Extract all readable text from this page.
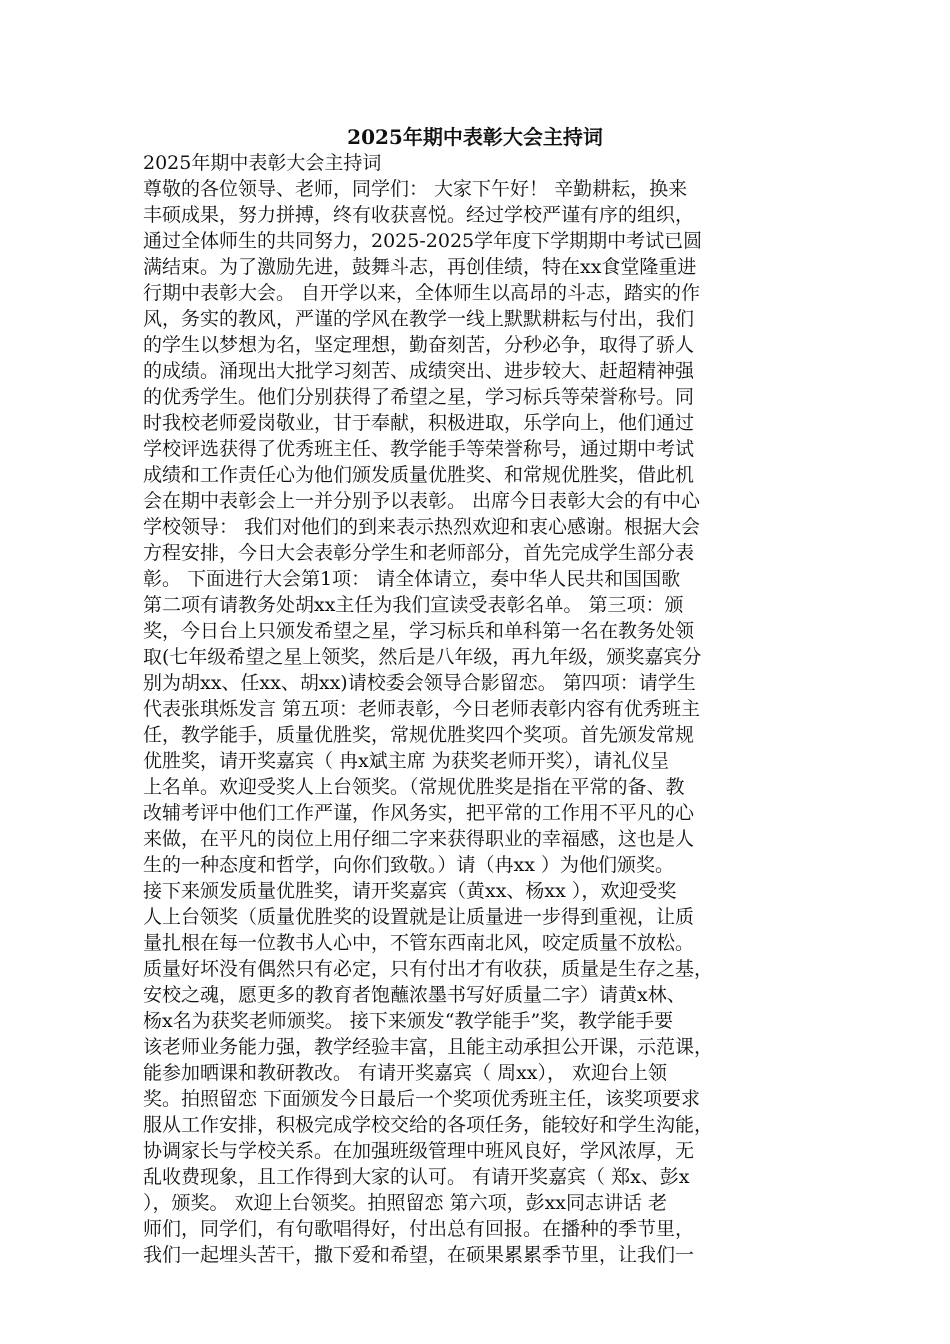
2025年期中表彰大会主持词
2025年期中表彰大会主持词
尊敬的各位领导、老师，同学们： 大家下午好！ 辛勤耕耘，换来
丰硕成果，努力拼搏，终有收获喜悦。经过学校严谨有序的组织，
通过全体师生的共同努力，2025-2025学年度下学期期中考试已圆
满结束。为了激励先进，鼓舞斗志，再创佳绩，特在xx食堂隆重进
行期中表彰大会。 自开学以来，全体师生以高昂的斗志，踏实的作
风，务实的教风，严谨的学风在教学一线上默默耕耘与付出，我们
的学生以梦想为名，坚定理想，勤奋刻苦，分秒必争，取得了骄人
的成绩。涌现出大批学习刻苦、成绩突出、进步较大、赶超精神强
的优秀学生。他们分别获得了希望之星，学习标兵等荣誉称号。同
时我校老师爱岗敬业，甘于奉献，积极进取，乐学向上，他们通过
学校评选获得了优秀班主任、教学能手等荣誉称号，通过期中考试
成绩和工作责任心为他们颁发质量优胜奖、和常规优胜奖，借此机
会在期中表彰会上一并分别予以表彰。 出席今日表彰大会的有中心
学校领导： 我们对他们的到来表示热烈欢迎和衷心感谢。根据大会
方程安排，今日大会表彰分学生和老师部分，首先完成学生部分表
彰。 下面进行大会第1项： 请全体请立，奏中华人民共和国国歌
第二项有请教务处胡xx主任为我们宣读受表彰名单。 第三项：颁
奖，今日台上只颁发希望之星，学习标兵和单科第一名在教务处领
取(七年级希望之星上领奖，然后是八年级，再九年级，颁奖嘉宾分
别为胡xx、任xx、胡xx)请校委会领导合影留恋。 第四项：请学生
代表张琪烁发言 第五项：老师表彰，今日老师表彰内容有优秀班主
任，教学能手，质量优胜奖，常规优胜奖四个奖项。首先颁发常规
优胜奖，请开奖嘉宾（ 冉x斌主席 为获奖老师开奖），请礼仪呈
上名单。欢迎受奖人上台领奖。（常规优胜奖是指在平常的备、教
改辅考评中他们工作严谨，作风务实，把平常的工作用不平凡的心
来做，在平凡的岗位上用仔细二字来获得职业的幸福感，这也是人
生的一种态度和哲学，向你们致敬。）请（冉xx ）为他们颁奖。
接下来颁发质量优胜奖，请开奖嘉宾（黄xx、杨xx ），欢迎受奖
人上台领奖（质量优胜奖的设置就是让质量进一步得到重视，让质
量扎根在每一位教书人心中，不管东西南北风，咬定质量不放松。
质量好坏没有偶然只有必定，只有付出才有收获，质量是生存之基，
安校之魂，愿更多的教育者饱蘸浓墨书写好质量二字）请黄x林、
杨x名为获奖老师颁奖。 接下来颁发“教学能手”奖，教学能手要
该老师业务能力强，教学经验丰富，且能主动承担公开课，示范课，
能参加晒课和教研教改。 有请开奖嘉宾（ 周xx）， 欢迎台上领
奖。拍照留恋 下面颁发今日最后一个奖项优秀班主任，该奖项要求
服从工作安排，积极完成学校交给的各项任务，能较好和学生沟能，
协调家长与学校关系。在加强班级管理中班风良好，学风浓厚，无
乱收费现象，且工作得到大家的认可。 有请开奖嘉宾（ 郑x、彭x
），颁奖。 欢迎上台领奖。拍照留恋 第六项，彭xx同志讲话 老
师们，同学们，有句歌唱得好，付出总有回报。在播种的季节里，
我们一起埋头苦干，撒下爱和希望，在硕果累累季节里，让我们一
